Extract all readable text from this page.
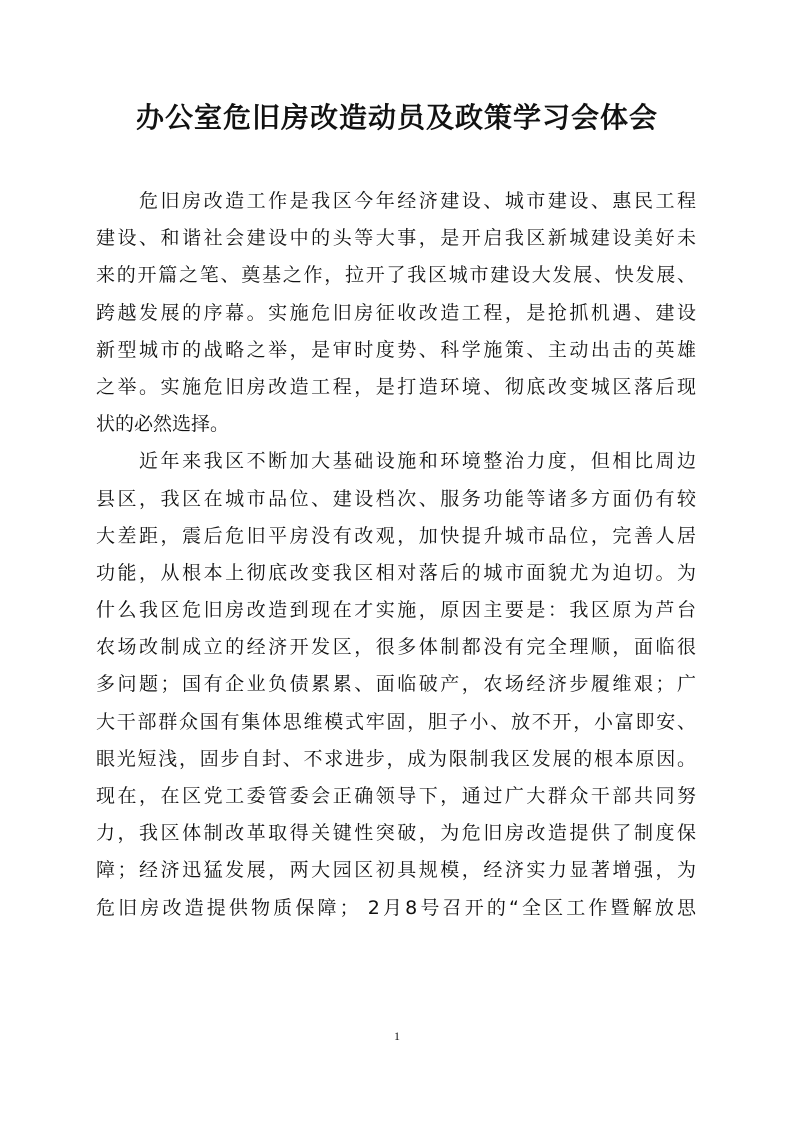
办公室危旧房改造动员及政策学习会体会
　　危旧房改造工作是我区今年经济建设、城市建设、惠民工程
建设、和谐社会建设中的头等大事，是开启我区新城建设美好未
来的开篇之笔、奠基之作，拉开了我区城市建设大发展、快发展、
跨越发展的序幕。实施危旧房征收改造工程，是抢抓机遇、建设
新型城市的战略之举，是审时度势、科学施策、主动出击的英雄
之举。实施危旧房改造工程，是打造环境、彻底改变城区落后现
状的必然选择。
　　近年来我区不断加大基础设施和环境整治力度，但相比周边
县区，我区在城市品位、建设档次、服务功能等诸多方面仍有较
大差距，震后危旧平房没有改观，加快提升城市品位，完善人居
功能，从根本上彻底改变我区相对落后的城市面貌尤为迫切。为
什么我区危旧房改造到现在才实施，原因主要是：我区原为芦台
农场改制成立的经济开发区，很多体制都没有完全理顺，面临很
多问题；国有企业负债累累、面临破产，农场经济步履维艰；广
大干部群众国有集体思维模式牢固，胆子小、放不开，小富即安、
眼光短浅，固步自封、不求进步，成为限制我区发展的根本原因。
现在，在区党工委管委会正确领导下，通过广大群众干部共同努
力，我区体制改革取得关键性突破，为危旧房改造提供了制度保
障；经济迅猛发展，两大园区初具规模，经济实力显著增强，为
危旧房改造提供物质保障； 2月8号召开的“全区工作暨解放思
1
